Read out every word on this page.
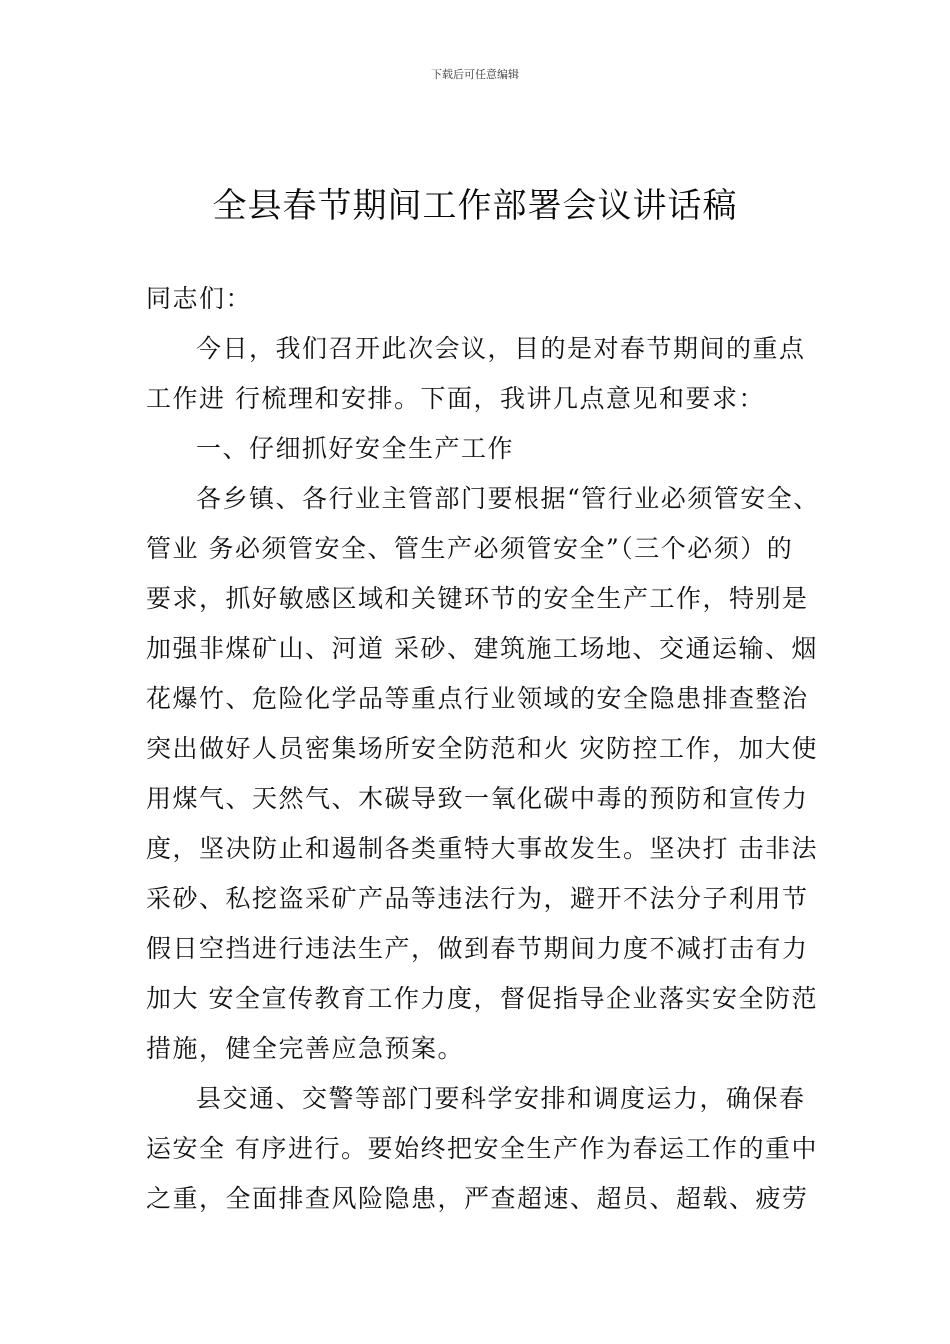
下载后可任意编辑
全县春节期间工作部署会议讲话稿
同志们：
今日，我们召开此次会议，目的是对春节期间的重点
工作进 行梳理和安排。下面，我讲几点意见和要求：
一、仔细抓好安全生产工作
各乡镇、各行业主管部门要根据“管行业必须管安全、
管业 务必须管安全、管生产必须管安全”（三个必须）的
要求，抓好敏感区域和关键环节的安全生产工作，特别是
加强非煤矿山、河道 采砂、建筑施工场地、交通运输、烟
花爆竹、危险化学品等重点行业领域的安全隐患排查整治
突出做好人员密集场所安全防范和火 灾防控工作，加大使
用煤气、天然气、木碳导致一氧化碳中毒的预防和宣传力
度，坚决防止和遏制各类重特大事故发生。坚决打 击非法
采砂、私挖盗采矿产品等违法行为，避开不法分子利用节
假日空挡进行违法生产，做到春节期间力度不减打击有力
加大 安全宣传教育工作力度，督促指导企业落实安全防范
措施，健全完善应急预案。
县交通、交警等部门要科学安排和调度运力，确保春
运安全 有序进行。要始终把安全生产作为春运工作的重中
之重，全面排查风险隐患，严查超速、超员、超载、疲劳
